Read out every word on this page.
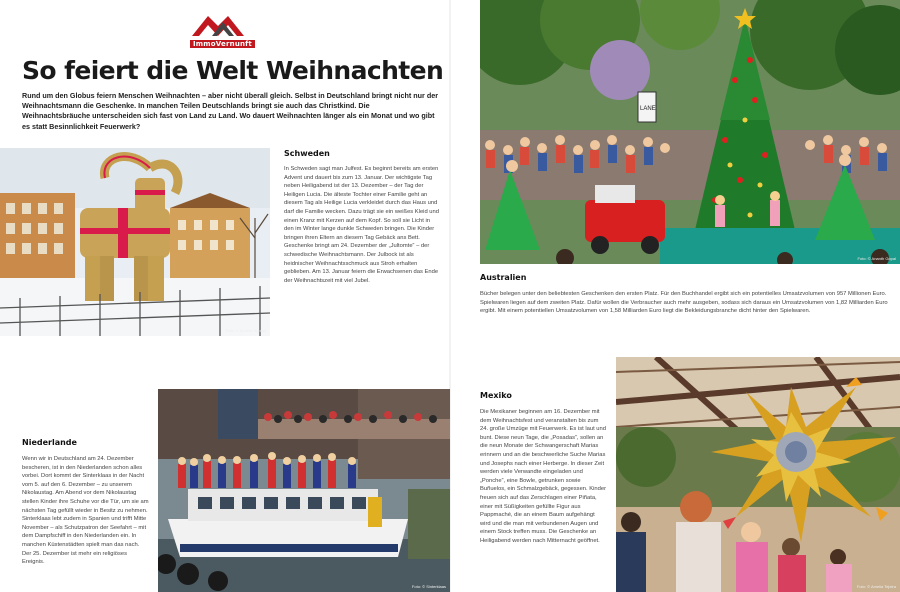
ImmoVernunft
So feiert die Welt Weihnachten
Rund um den Globus feiern Menschen Weihnachten – aber nicht überall gleich. Selbst in Deutschland bringt nicht nur der Weihnachtsmann die Geschenke. In manchen Teilen Deutschlands bringt sie auch das Christkind. Die Weihnachtsbräuche unterscheiden sich fast von Land zu Land. Wo dauert Weihnachten länger als ein Monat und wo gibt es statt Besinnlichkeit Feuerwerk?
Foto: © Anders Hyppel
Schweden
In Schweden sagt man Julfest. Es beginnt bereits am ersten Advent und dauert bis zum 13. Januar. Der wichtigste Tag neben Heiligabend ist der 13. Dezember – der Tag der Heiligen Lucia. Die älteste Tochter einer Familie geht an diesem Tag als Heilige Lucia verkleidet durch das Haus und darf die Familie wecken. Dazu trägt sie ein weißes Kleid und einen Kranz mit Kerzen auf dem Kopf. So soll sie Licht in den im Winter lange dunkle Schweden bringen. Die Kinder bringen ihren Eltern an diesem Tag Gebäck ans Bett. Geschenke bringt am 24. Dezember der „Jultomte“ – der schwedische Weihnachtsmann. Der Julbock ist als heidnischer Weihnachtsschmuck aus Stroh erhalten geblieben. Am 13. Januar feiern die Erwachsenen das Ende der Weihnachtszeit mit viel Jubel.
Niederlande
Wenn wir in Deutschland am 24. Dezember bescheren, ist in den Niederlanden schon alles vorbei. Dort kommt der Sinterklaas in der Nacht vom 5. auf den 6. Dezember – zu unserem Nikolaustag. Am Abend vor dem Nikolaustag stellen Kinder ihre Schuhe vor die Tür, um sie am nächsten Tag gefüllt wieder in Besitz zu nehmen. Sinterklaas lebt zudem in Spanien und trifft Mitte November – als Schutzpatron der Seefahrt – mit dem Dampfschiff in den Niederlanden ein. In manchen Küstenstädten spielt man das nach. Der 25. Dezember ist mehr ein religiöses Ereignis.
Foto: © Sinterklaas
LANE
Foto: © Ananth Gopal
Australien
Bücher belegen unter den beliebtesten Geschenken den ersten Platz. Für den Buchhandel ergibt sich ein potentielles Umsatzvolumen von 957 Millionen Euro. Spielwaren liegen auf dem zweiten Platz. Dafür wollen die Verbraucher auch mehr ausgeben, sodass sich daraus ein Umsatzvolumen von 1,82 Milliarden Euro ergibt. Mit einem potentiellen Umsatzvolumen von 1,58 Milliarden Euro liegt die Bekleidungsbranche dicht hinter den Spielwaren.
Mexiko
Die Mexikaner beginnen am 16. Dezember mit dem Weihnachtsfest und veranstalten bis zum 24. große Umzüge mit Feuerwerk. Es ist laut und bunt. Diese neun Tage, die „Posadas“, sollen an die neun Monate der Schwangerschaft Marias erinnern und an die beschwerliche Suche Marias und Josephs nach einer Herberge. In dieser Zeit werden viele Verwandte eingeladen und „Ponche“, eine Bowle, getrunken sowie Buñuelos, ein Schmalzgebäck, gegessen. Kinder freuen sich auf das Zerschlagen einer Piñata, einer mit Süßigkeiten gefüllte Figur aus Pappmaché, die an einem Baum aufgehängt wird und die man mit verbundenen Augen und einem Stock treffen muss. Die Geschenke an Heiligabend werden nach Mitternacht geöffnet.
Foto: © Amelia Tejeira
